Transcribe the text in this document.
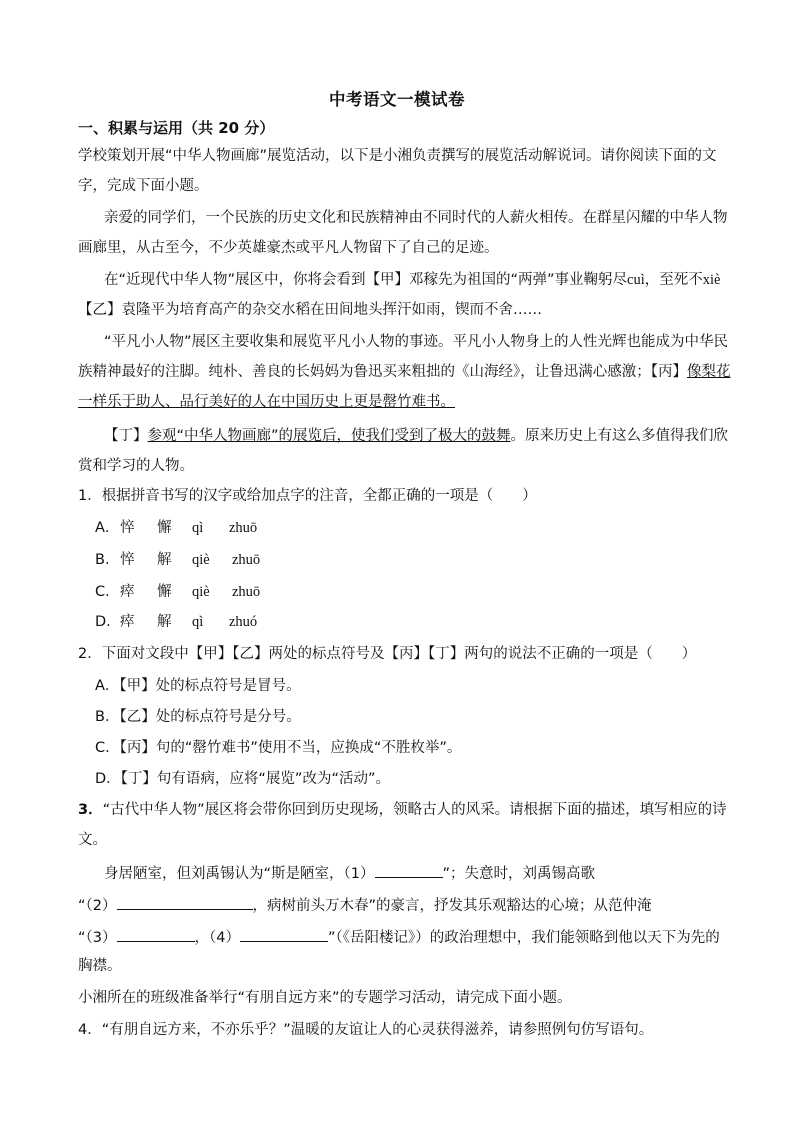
中考语文一模试卷
一、积累与运用（共 20 分）
学校策划开展“中华人物画廊”展览活动，以下是小湘负责撰写的展览活动解说词。请你阅读下面的文
字，完成下面小题。
亲爱的同学们，一个民族的历史文化和民族精神由不同时代的人薪火相传。在群星闪耀的中华人物
画廊里，从古至今，不少英雄豪杰或平凡人物留下了自己的足迹。
在“近现代中华人物”展区中，你将会看到【甲】邓稼先为祖国的“两弹”事业鞠躬尽cuì，至死不xiè
【乙】袁隆平为培育高产的杂交水稻在田间地头挥汗如雨，锲而不舍……
“平凡小人物”展区主要收集和展览平凡小人物的事迹。平凡小人物身上的人性光辉也能成为中华民
族精神最好的注脚。纯朴、善良的长妈妈为鲁迅买来粗拙的《山海经》，让鲁迅满心感激；【丙】像梨花
一样乐于助人、品行美好的人在中国历史上更是罄竹难书。
【丁】参观“中华人物画廊”的展览后，使我们受到了极大的鼓舞。原来历史上有这么多值得我们欣
赏和学习的人物。
1．根据拼音书写的汉字或给加点字的注音，全都正确的一项是（　　）
A． 悴 懈 qì zhuō
B． 悴 解 qiè zhuō
C． 瘁 懈 qiè zhuō
D． 瘁 解 qì zhuó
2．下面对文段中【甲】【乙】两处的标点符号及【丙】【丁】两句的说法不正确的一项是（　　）
A．【甲】处的标点符号是冒号。
B．【乙】处的标点符号是分号。
C．【丙】句的“罄竹难书”使用不当，应换成“不胜枚举”。
D．【丁】句有语病，应将“展览”改为“活动”。
3．“古代中华人物”展区将会带你回到历史现场，领略古人的风采。请根据下面的描述，填写相应的诗
文。
身居陋室，但刘禹锡认为“斯是陋室，（1）	”；失意时，刘禹锡高歌
“（2）	，病树前头万木春”的豪言，抒发其乐观豁达的心境；从范仲淹
“（3）	，（4）	”（《岳阳楼记》）的政治理想中，我们能领略到他以天下为先的
胸襟。
小湘所在的班级准备举行“有朋自远方来”的专题学习活动，请完成下面小题。
4．“有朋自远方来，不亦乐乎？”温暖的友谊让人的心灵获得滋养，请参照例句仿写语句。
